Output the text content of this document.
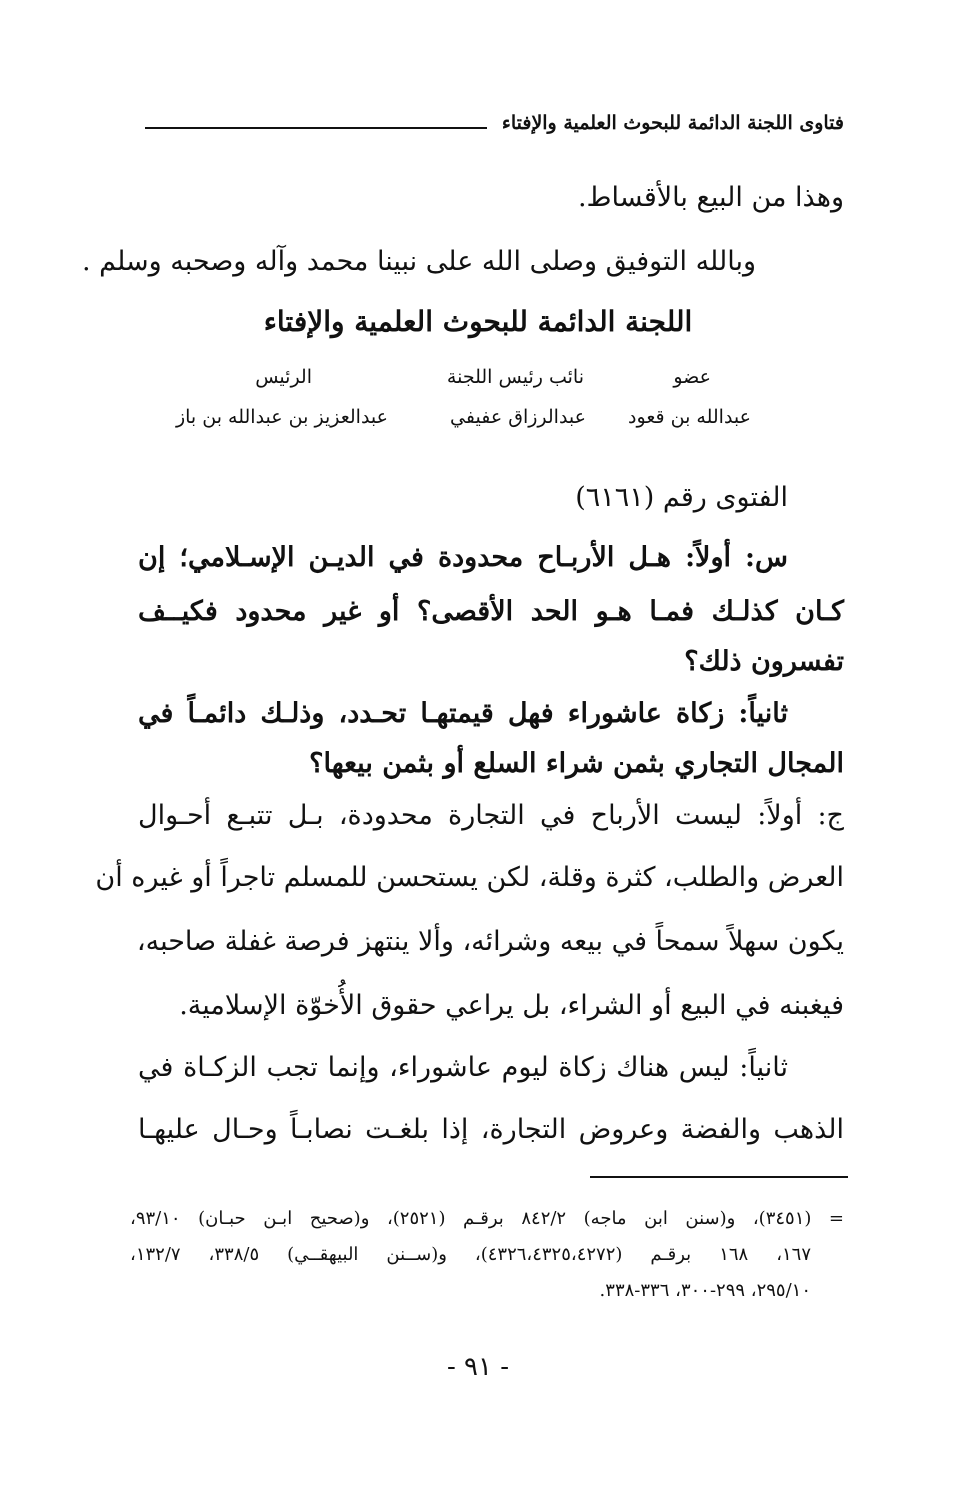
فتاوى اللجنة الدائمة للبحوث العلمية والإفتاء
وهذا من البيع بالأقساط.
وبالله التوفيق وصلى الله على نبينا محمد وآله وصحبه وسلم .
اللجنة الدائمة للبحوث العلمية والإفتاء
عضو
نائب رئيس اللجنة
الرئيس
عبدالله بن قعود
عبدالرزاق عفيفي
عبدالعزيز بن عبدالله بن باز
الفتوى رقم (٦١٦١)
س: أولاً: هـل الأربـاح محدودة في الديـن الإسـلامي؛ إن
كـان كذلـك فمـا هـو الحد الأقصى؟ أو غير محدود فكيــف
تفسرون ذلك؟
ثانياً: زكاة عاشوراء فهل قيمتهـا تحـدد، وذلـك دائمـاً في
المجال التجاري بثمن شراء السلع أو بثمن بيعها؟
ج: أولاً: ليست الأرباح في التجارة محدودة، بـل تتبـع أحـوال
العرض والطلب، كثرة وقلة، لكن يستحسن للمسلم تاجراً أو غيره أن
يكون سهلاً سمحاً في بيعه وشرائه، وألا ينتهز فرصة غفلة صاحبه،
فيغبنه في البيع أو الشراء، بل يراعي حقوق الأُخوّة الإسلامية.
ثانياً: ليس هناك زكاة ليوم عاشوراء، وإنما تجب الزكـاة في
الذهب والفضة وعروض التجارة، إذا بلغـت نصابـاً وحـال عليهـا
= (٣٤٥١)، و(سنن ابن ماجه) ٨٤٢/٢ برقـم (٢٥٢١)، و(صحيح ابـن حبـان) ٩٣/١٠،
١٦٧، ١٦٨ برقـم (٤٣٢٦،٤٣٢٥،٤٢٧٢)، و(ســنن البيهقــي) ٣٣٨/٥، ١٣٢/٧،
٢٩٥/١٠، ٢٩٩-٣٠٠، ٣٣٦-٣٣٨.
- ٩١ -
